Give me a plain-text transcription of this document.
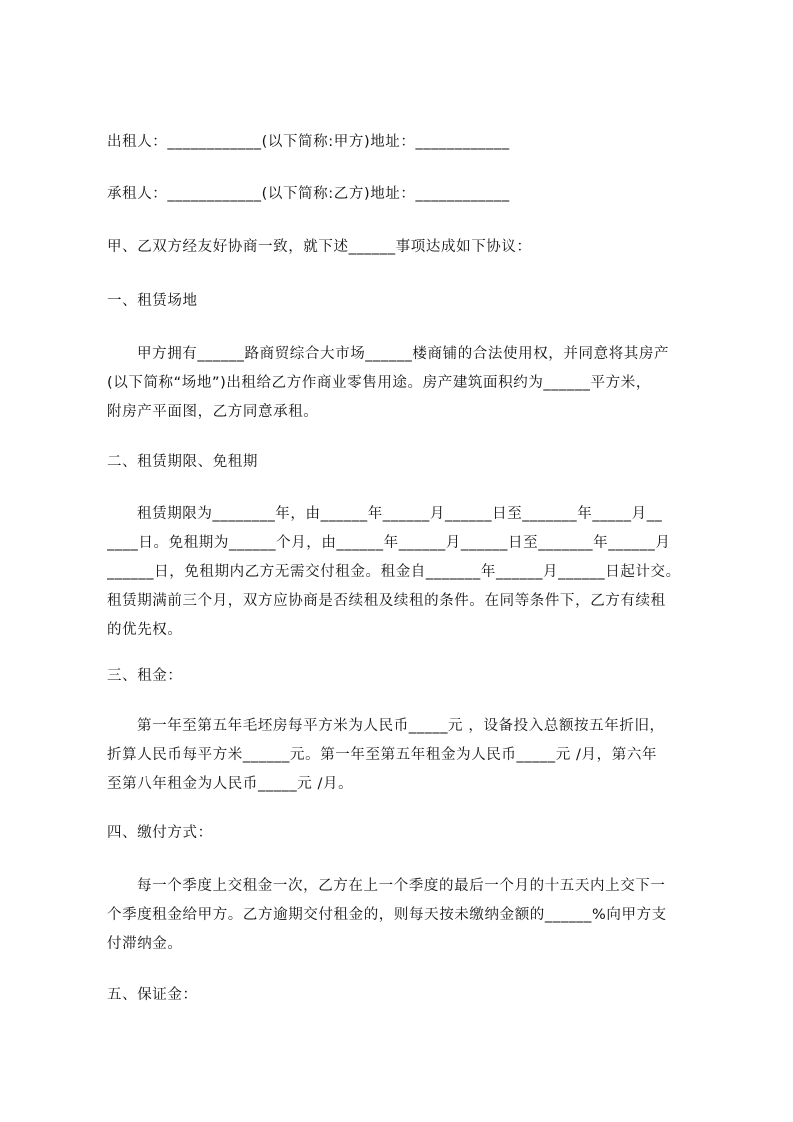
出租人：____________(以下简称:甲方)地址：____________
承租人：____________(以下简称:乙方)地址：____________
甲、乙双方经友好协商一致，就下述______事项达成如下协议：
一、租赁场地
甲方拥有______路商贸综合大市场______楼商铺的合法使用权，并同意将其房产
(以下简称“场地”)出租给乙方作商业零售用途。房产建筑面积约为______平方米，
附房产平面图，乙方同意承租。
二、租赁期限、免租期
租赁期限为________年，由______年______月______日至_______年_____月__
____日。免租期为______个月，由______年______月______日至_______年______月
______日，免租期内乙方无需交付租金。租金自_______年______月______日起计交。
租赁期满前三个月，双方应协商是否续租及续租的条件。在同等条件下，乙方有续租
的优先权。
三、租金：
第一年至第五年毛坯房每平方米为人民币_____元 ，设备投入总额按五年折旧，
折算人民币每平方米______元。第一年至第五年租金为人民币_____元 /月，第六年
至第八年租金为人民币_____元 /月。
四、缴付方式：
每一个季度上交租金一次，乙方在上一个季度的最后一个月的十五天内上交下一
个季度租金给甲方。乙方逾期交付租金的，则每天按未缴纳金额的______%向甲方支
付滞纳金。
五、保证金：
